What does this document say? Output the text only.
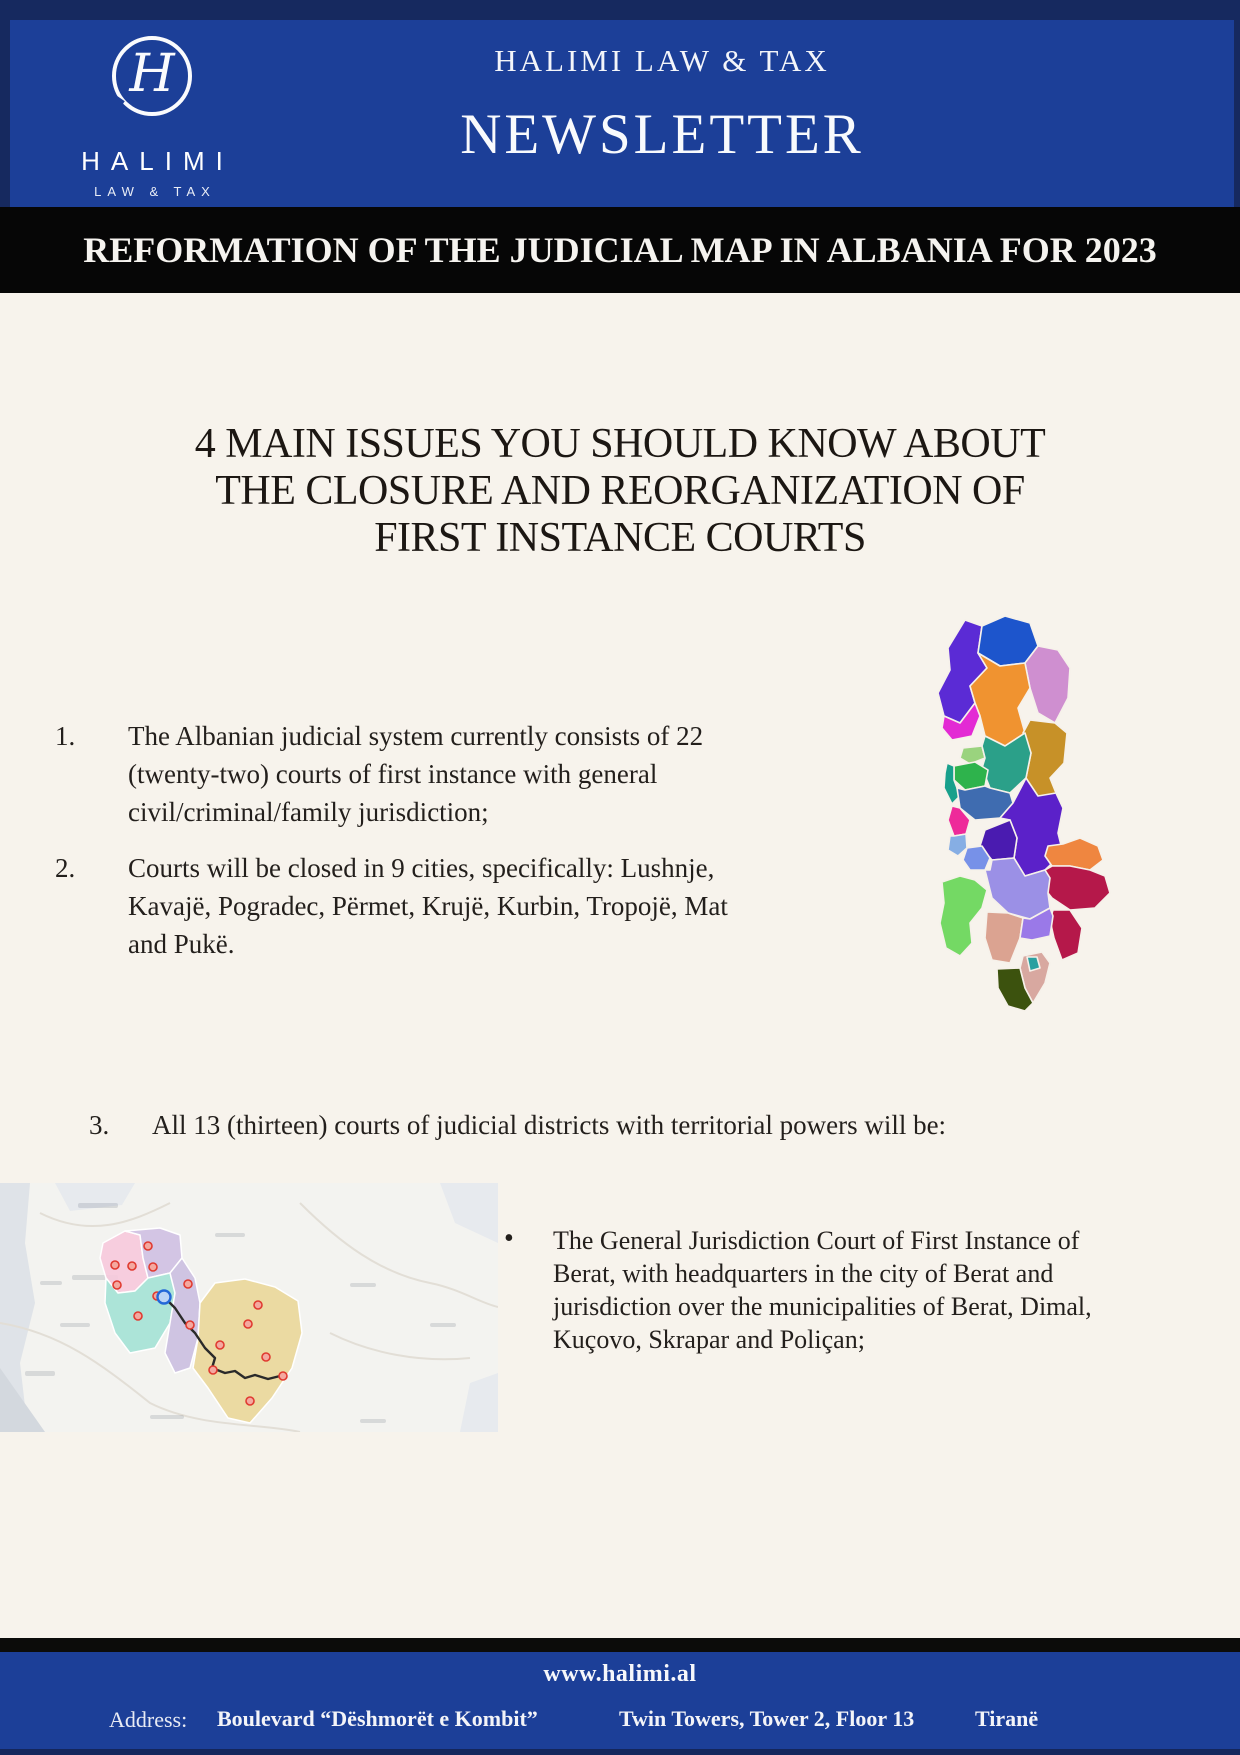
H
HALIMI
LAW & TAX
HALIMI LAW & TAX
NEWSLETTER
REFORMATION OF THE JUDICIAL MAP IN ALBANIA FOR 2023
4 MAIN ISSUES YOU SHOULD KNOW ABOUT
THE CLOSURE AND REORGANIZATION OF
FIRST INSTANCE COURTS
1. The Albanian judicial system currently consists of 22
(twenty-two) courts of first instance with general
civil/criminal/family jurisdiction;
2. Courts will be closed in 9 cities, specifically: Lushnje,
Kavajë, Pogradec, Përmet, Krujë, Kurbin, Tropojë, Mat
and Pukë.
3. All 13 (thirteen) courts of judicial districts with territorial powers will be:
• The General Jurisdiction Court of First Instance of
Berat, with headquarters in the city of Berat and
jurisdiction over the municipalities of Berat, Dimal,
Kuçovo, Skrapar and Poliçan;
www.halimi.al
Address: Boulevard “Dëshmorët e Kombit”	Twin Towers, Tower 2, Floor 13	Tiranë
